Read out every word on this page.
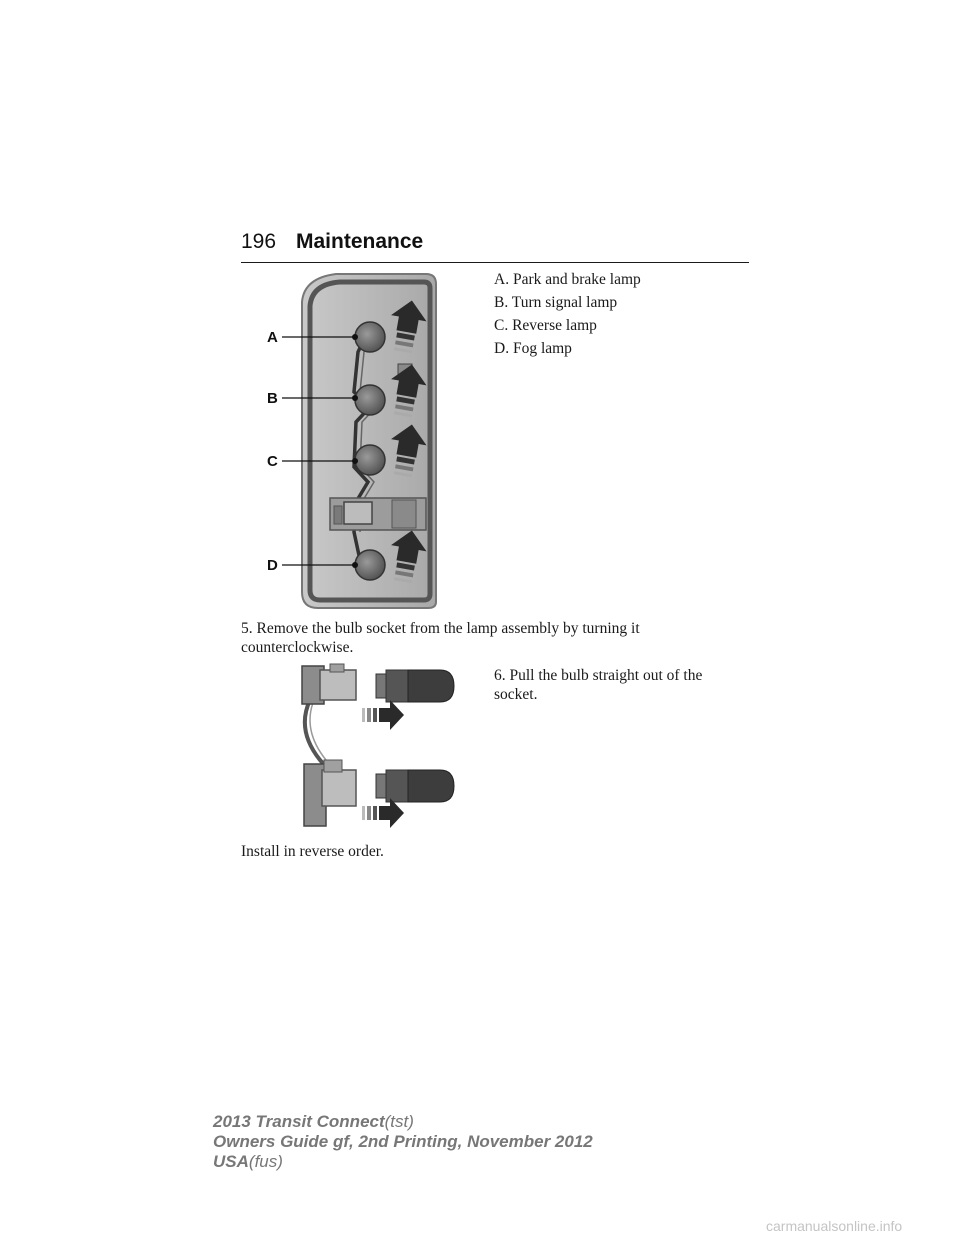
196 Maintenance
A
B
C
D
A. Park and brake lamp
B. Turn signal lamp
C. Reverse lamp
D. Fog lamp

5. Remove the bulb socket from the lamp assembly by turning it counterclockwise.

6. Pull the bulb straight out of the socket.

Install in reverse order.

2013 Transit Connect(tst)
Owners Guide gf, 2nd Printing, November 2012
USA(fus)
carmanualsonline.info
